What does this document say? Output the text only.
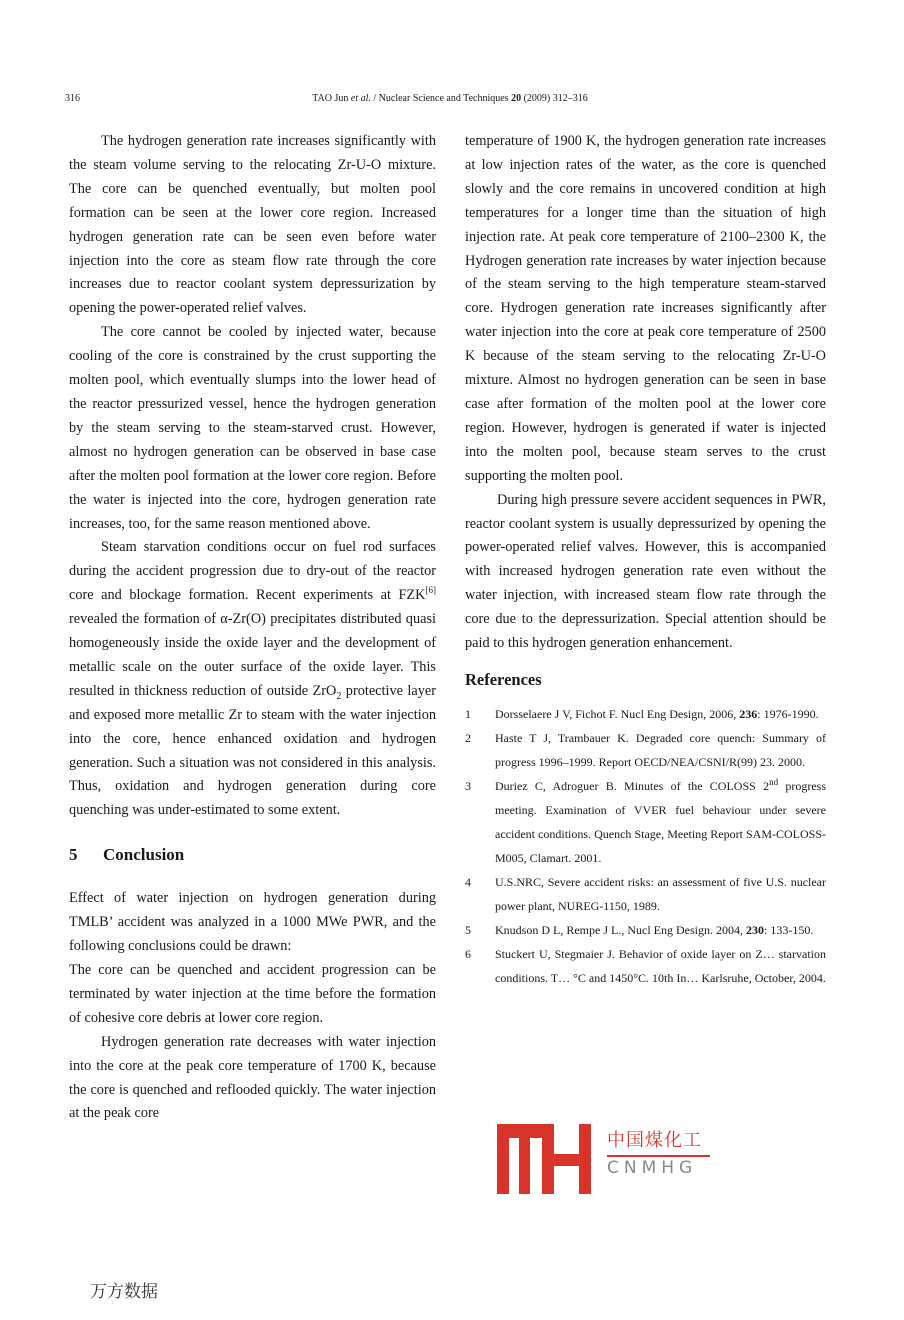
316	TAO Jun et al. / Nuclear Science and Techniques 20 (2009) 312–316

The hydrogen generation rate increases significantly with the steam volume serving to the relocating Zr-U-O mixture. The core can be quenched eventually, but molten pool formation can be seen at the lower core region. Increased hydrogen generation rate can be seen even before water injection into the core as steam flow rate through the core increases due to reactor coolant system depressurization by opening the power-operated relief valves.

The core cannot be cooled by injected water, because cooling of the core is constrained by the crust supporting the molten pool, which eventually slumps into the lower head of the reactor pressurized vessel, hence the hydrogen generation by the steam serving to the steam-starved crust. However, almost no hydrogen generation can be observed in base case after the molten pool formation at the lower core region. Before the water is injected into the core, hydrogen generation rate increases, too, for the same reason mentioned above.

Steam starvation conditions occur on fuel rod surfaces during the accident progression due to dry-out of the reactor core and blockage formation. Recent experiments at FZK[6] revealed the formation of α-Zr(O) precipitates distributed quasi homogeneously inside the oxide layer and the development of metallic scale on the outer surface of the oxide layer. This resulted in thickness reduction of outside ZrO$_2$ protective layer and exposed more metallic Zr to steam with the water injection into the core, hence enhanced oxidation and hydrogen generation. Such a situation was not considered in this analysis. Thus, oxidation and hydrogen generation during core quenching was under-estimated to some extent.

5 Conclusion

Effect of water injection on hydrogen generation during TMLB’ accident was analyzed in a 1000 MWe PWR, and the following conclusions could be drawn:

The core can be quenched and accident progression can be terminated by water injection at the time before the formation of cohesive core debris at lower core region.

Hydrogen generation rate decreases with water injection into the core at the peak core temperature of 1700 K, because the core is quenched and reflooded quickly. The water injection at the peak core

temperature of 1900 K, the hydrogen generation rate increases at low injection rates of the water, as the core is quenched slowly and the core remains in uncovered condition at high temperatures for a longer time than the situation of high injection rate. At peak core temperature of 2100–2300 K, the Hydrogen generation rate increases by water injection because of the steam serving to the high temperature steam-starved core. Hydrogen generation rate increases significantly after water injection into the core at peak core temperature of 2500 K because of the steam serving to the relocating Zr-U-O mixture. Almost no hydrogen generation can be seen in base case after formation of the molten pool at the lower core region. However, hydrogen is generated if water is injected into the molten pool, because steam serves to the crust supporting the molten pool.

During high pressure severe accident sequences in PWR, reactor coolant system is usually depressurized by opening the power-operated relief valves. However, this is accompanied with increased hydrogen generation rate even without the water injection, with increased steam flow rate through the core due to the depressurization. Special attention should be paid to this hydrogen generation enhancement.

References
1	Dorsselaere J V, Fichot F. Nucl Eng Design, 2006, 236: 1976-1990.
2	Haste T J, Trambauer K. Degraded core quench: Summary of progress 1996–1999. Report OECD/NEA/CSNI/R(99) 23. 2000.
3	Duriez C, Adroguer B. Minutes of the COLOSS 2nd progress meeting. Examination of VVER fuel behaviour under severe accident conditions. Quench Stage, Meeting Report SAM-COLOSS-M005, Clamart. 2001.
4	U.S.NRC, Severe accident risks: an assessment of five U.S. nuclear power plant, NUREG-1150, 1989.
5	Knudson D L, Rempe J L., Nucl Eng Design. 2004, 230: 133-150.
6	Stuckert U, Stegmaier J. Behavior of oxide layer on Z… starvation conditions. T… °C and 1450°C. 10th In… Karlsruhe, October, 2004.
中国煤化工
CNMHG
万方数据
